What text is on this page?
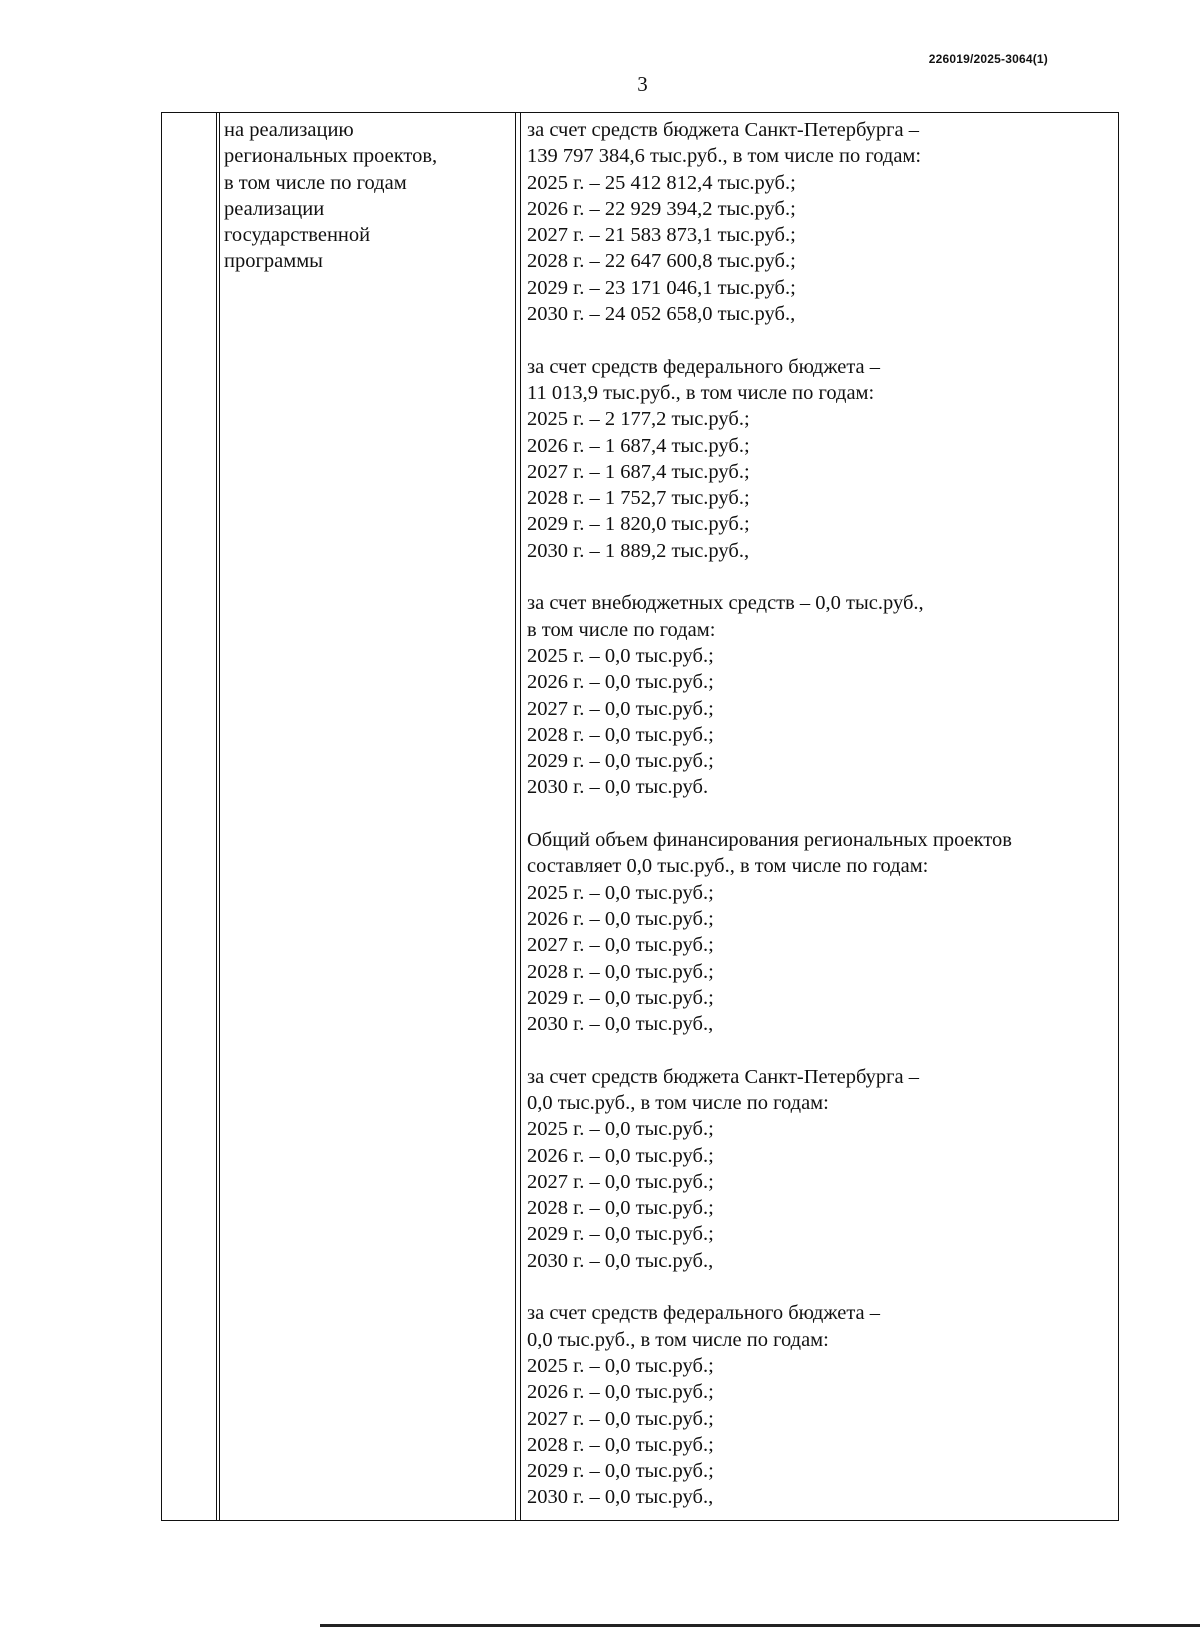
226019/2025-3064(1)
3
на реализацию
региональных проектов,
в том числе по годам
реализации
государственной
программы
за счет средств бюджета Санкт-Петербурга –
139 797 384,6 тыс.руб., в том числе по годам:
2025 г. – 25 412 812,4 тыс.руб.;
2026 г. – 22 929 394,2 тыс.руб.;
2027 г. – 21 583 873,1 тыс.руб.;
2028 г. – 22 647 600,8 тыс.руб.;
2029 г. – 23 171 046,1 тыс.руб.;
2030 г. – 24 052 658,0 тыс.руб.,
за счет средств федерального бюджета –
11 013,9 тыс.руб., в том числе по годам:
2025 г. – 2 177,2 тыс.руб.;
2026 г. – 1 687,4 тыс.руб.;
2027 г. – 1 687,4 тыс.руб.;
2028 г. – 1 752,7 тыс.руб.;
2029 г. – 1 820,0 тыс.руб.;
2030 г. – 1 889,2 тыс.руб.,
за счет внебюджетных средств – 0,0 тыс.руб.,
в том числе по годам:
2025 г. – 0,0 тыс.руб.;
2026 г. – 0,0 тыс.руб.;
2027 г. – 0,0 тыс.руб.;
2028 г. – 0,0 тыс.руб.;
2029 г. – 0,0 тыс.руб.;
2030 г. – 0,0 тыс.руб.
Общий объем финансирования региональных проектов
составляет 0,0 тыс.руб., в том числе по годам:
2025 г. – 0,0 тыс.руб.;
2026 г. – 0,0 тыс.руб.;
2027 г. – 0,0 тыс.руб.;
2028 г. – 0,0 тыс.руб.;
2029 г. – 0,0 тыс.руб.;
2030 г. – 0,0 тыс.руб.,
за счет средств бюджета Санкт-Петербурга –
0,0 тыс.руб., в том числе по годам:
2025 г. – 0,0 тыс.руб.;
2026 г. – 0,0 тыс.руб.;
2027 г. – 0,0 тыс.руб.;
2028 г. – 0,0 тыс.руб.;
2029 г. – 0,0 тыс.руб.;
2030 г. – 0,0 тыс.руб.,
за счет средств федерального бюджета –
0,0 тыс.руб., в том числе по годам:
2025 г. – 0,0 тыс.руб.;
2026 г. – 0,0 тыс.руб.;
2027 г. – 0,0 тыс.руб.;
2028 г. – 0,0 тыс.руб.;
2029 г. – 0,0 тыс.руб.;
2030 г. – 0,0 тыс.руб.,
